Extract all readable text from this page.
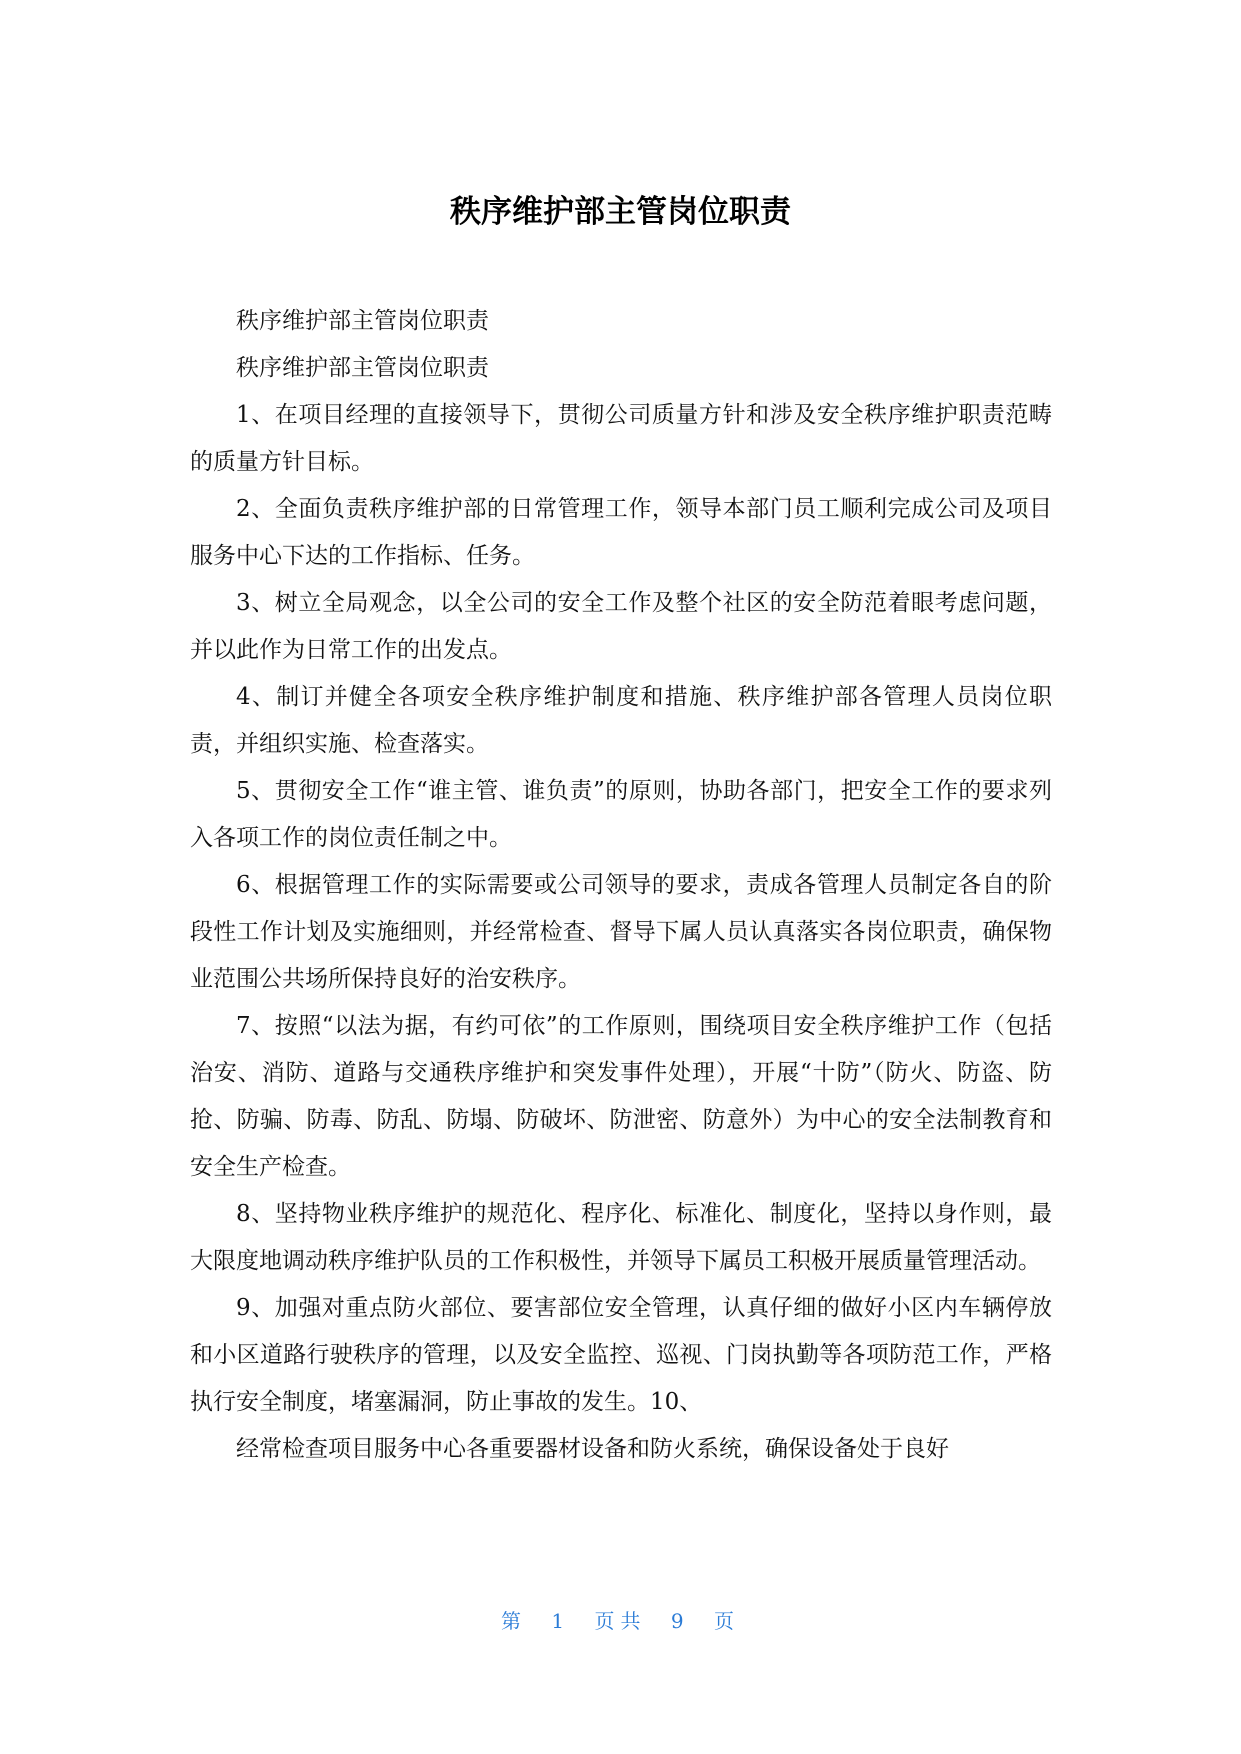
秩序维护部主管岗位职责

秩序维护部主管岗位职责

秩序维护部主管岗位职责

1、在项目经理的直接领导下，贯彻公司质量方针和涉及安全秩序维护职责范畴的质量方针目标。

2、全面负责秩序维护部的日常管理工作，领导本部门员工顺利完成公司及项目服务中心下达的工作指标、任务。

3、树立全局观念，以全公司的安全工作及整个社区的安全防范着眼考虑问题，并以此作为日常工作的出发点。

4、制订并健全各项安全秩序维护制度和措施、秩序维护部各管理人员岗位职责，并组织实施、检查落实。

5、贯彻安全工作“谁主管、谁负责”的原则，协助各部门，把安全工作的要求列入各项工作的岗位责任制之中。

6、根据管理工作的实际需要或公司领导的要求，责成各管理人员制定各自的阶段性工作计划及实施细则，并经常检查、督导下属人员认真落实各岗位职责，确保物业范围公共场所保持良好的治安秩序。

7、按照“以法为据，有约可依”的工作原则，围绕项目安全秩序维护工作（包括治安、消防、道路与交通秩序维护和突发事件处理），开展“十防”（防火、防盗、防抢、防骗、防毒、防乱、防塌、防破坏、防泄密、防意外）为中心的安全法制教育和安全生产检查。

8、坚持物业秩序维护的规范化、程序化、标准化、制度化，坚持以身作则，最大限度地调动秩序维护队员的工作积极性，并领导下属员工积极开展质量管理活动。

9、加强对重点防火部位、要害部位安全管理，认真仔细的做好小区内车辆停放和小区道路行驶秩序的管理，以及安全监控、巡视、门岗执勤等各项防范工作，严格执行安全制度，堵塞漏洞，防止事故的发生。10、

经常检查项目服务中心各重要器材设备和防火系统，确保设备处于良好

第 1 页共 9 页
